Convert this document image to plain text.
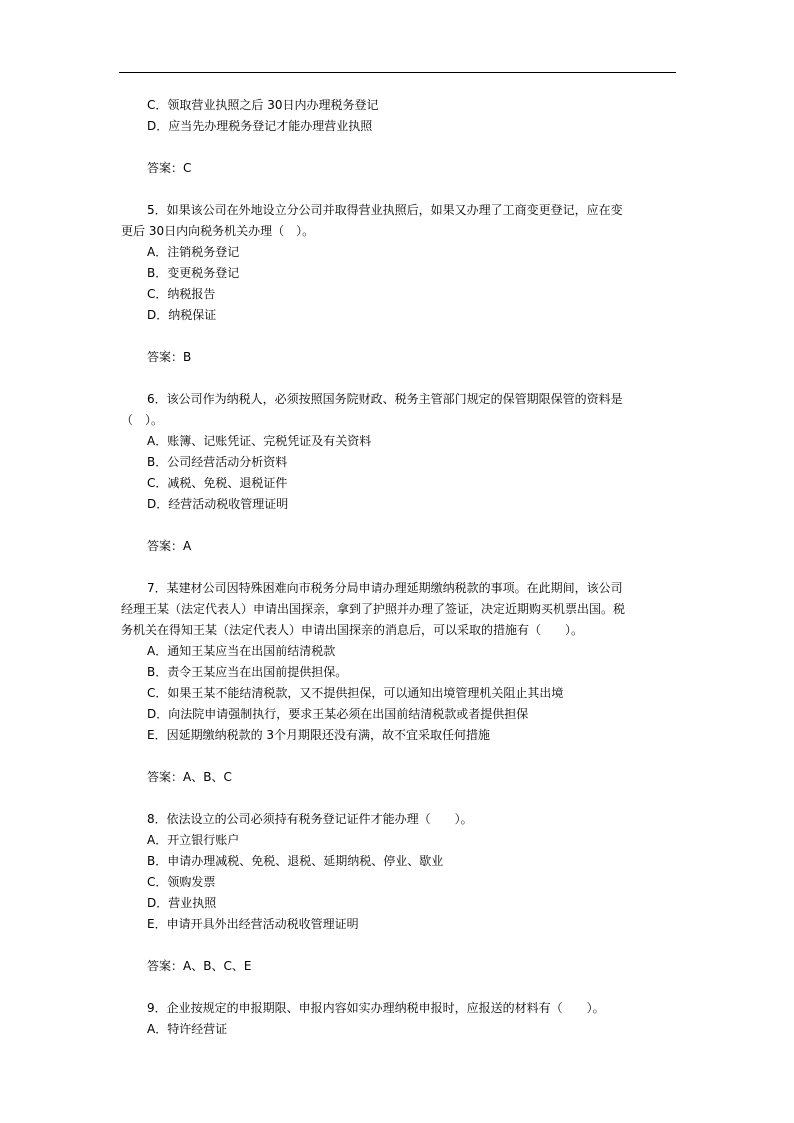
C．领取营业执照之后 30日内办理税务登记
D．应当先办理税务登记才能办理营业执照
答案：C
5．如果该公司在外地设立分公司并取得营业执照后，如果又办理了工商变更登记，应在变
更后 30日内向税务机关办理（　）。
A．注销税务登记
B．变更税务登记
C．纳税报告
D．纳税保证
答案：B
6．该公司作为纳税人，必须按照国务院财政、税务主管部门规定的保管期限保管的资料是
（　）。
A．账簿、记账凭证、完税凭证及有关资料
B．公司经营活动分析资料
C．减税、免税、退税证件
D．经营活动税收管理证明
答案：A
7．某建材公司因特殊困难向市税务分局申请办理延期缴纳税款的事项。在此期间，该公司
经理王某（法定代表人）申请出国探亲，拿到了护照并办理了签证，决定近期购买机票出国。税
务机关在得知王某（法定代表人）申请出国探亲的消息后，可以采取的措施有（　　）。
A．通知王某应当在出国前结清税款
B．责令王某应当在出国前提供担保。
C．如果王某不能结清税款，又不提供担保，可以通知出境管理机关阻止其出境
D．向法院申请强制执行，要求王某必须在出国前结清税款或者提供担保
E．因延期缴纳税款的 3个月期限还没有满，故不宜采取任何措施
答案：A、B、C
8．依法设立的公司必须持有税务登记证件才能办理（　　）。
A．开立银行账户
B．申请办理减税、免税、退税、延期纳税、停业、歇业
C．领购发票
D．营业执照
E．申请开具外出经营活动税收管理证明
答案：A、B、C、E
9．企业按规定的申报期限、申报内容如实办理纳税申报时，应报送的材料有（　　）。
A．特许经营证
